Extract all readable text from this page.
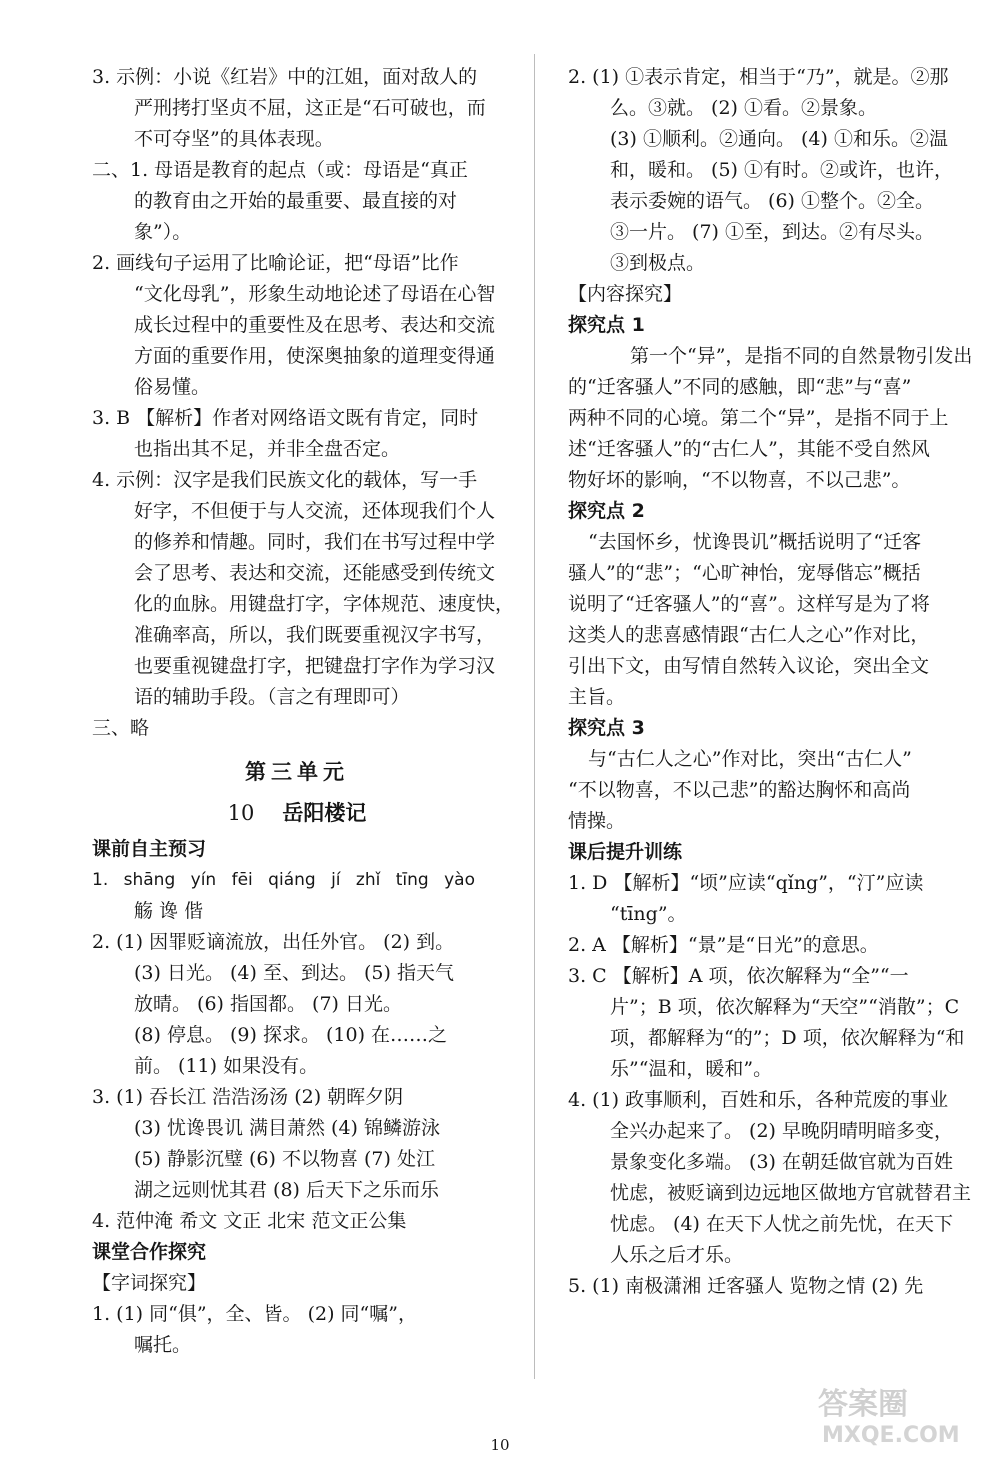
3. 示例：小说《红岩》中的江姐，面对敌人的
严刑拷打坚贞不屈，这正是“石可破也，而
不可夺坚”的具体表现。
二、1. 母语是教育的起点（或：母语是“真正
的教育由之开始的最重要、最直接的对
象”）。
2. 画线句子运用了比喻论证，把“母语”比作
“文化母乳”，形象生动地论述了母语在心智
成长过程中的重要性及在思考、表达和交流
方面的重要作用，使深奥抽象的道理变得通
俗易懂。
3. B 【解析】作者对网络语文既有肯定，同时
也指出其不足，并非全盘否定。
4. 示例：汉字是我们民族文化的载体，写一手
好字，不但便于与人交流，还体现我们个人
的修养和情趣。同时，我们在书写过程中学
会了思考、表达和交流，还能感受到传统文
化的血脉。用键盘打字，字体规范、速度快，
准确率高，所以，我们既要重视汉字书写，
也要重视键盘打字，把键盘打字作为学习汉
语的辅助手段。（言之有理即可）
三、略
第三单元
10 岳阳楼记
课前自主预习
1. shāng yín fēi qiáng jí zhǐ tīng yào
觞 谗 偕
2. (1) 因罪贬谪流放，出任外官。 (2) 到。
(3) 日光。 (4) 至、到达。 (5) 指天气
放晴。 (6) 指国都。 (7) 日光。
(8) 停息。 (9) 探求。 (10) 在……之
前。 (11) 如果没有。
3. (1) 吞长江 浩浩汤汤 (2) 朝晖夕阴
(3) 忧谗畏讥 满目萧然 (4) 锦鳞游泳
(5) 静影沉璧 (6) 不以物喜 (7) 处江
湖之远则忧其君 (8) 后天下之乐而乐
4. 范仲淹 希文 文正 北宋 范文正公集
课堂合作探究
【字词探究】
1. (1) 同“俱”，全、皆。 (2) 同“嘱”，
嘱托。
2. (1) ①表示肯定，相当于“乃”，就是。②那
么。③就。 (2) ①看。②景象。
(3) ①顺利。②通向。 (4) ①和乐。②温
和，暖和。 (5) ①有时。②或许，也许，
表示委婉的语气。 (6) ①整个。②全。
③一片。 (7) ①至，到达。②有尽头。
③到极点。
【内容探究】
探究点 1
第一个“异”，是指不同的自然景物引发出
的“迁客骚人”不同的感触，即“悲”与“喜”
两种不同的心境。第二个“异”，是指不同于上
述“迁客骚人”的“古仁人”，其能不受自然风
物好坏的影响，“不以物喜，不以己悲”。
探究点 2
“去国怀乡，忧谗畏讥”概括说明了“迁客
骚人”的“悲”；“心旷神怡，宠辱偕忘”概括
说明了“迁客骚人”的“喜”。这样写是为了将
这类人的悲喜感情跟“古仁人之心”作对比，
引出下文，由写情自然转入议论，突出全文
主旨。
探究点 3
与“古仁人之心”作对比，突出“古仁人”
“不以物喜，不以己悲”的豁达胸怀和高尚
情操。
课后提升训练
1. D 【解析】“顷”应读“qǐng”，“汀”应读
“tīng”。
2. A 【解析】“景”是“日光”的意思。
3. C 【解析】A 项，依次解释为“全”“一
片”；B 项，依次解释为“天空”“消散”；C
项，都解释为“的”；D 项，依次解释为“和
乐”“温和，暖和”。
4. (1) 政事顺利，百姓和乐，各种荒废的事业
全兴办起来了。 (2) 早晚阴晴明暗多变，
景象变化多端。 (3) 在朝廷做官就为百姓
忧虑，被贬谪到边远地区做地方官就替君主
忧虑。 (4) 在天下人忧之前先忧，在天下
人乐之后才乐。
5. (1) 南极潇湘 迁客骚人 览物之情 (2) 先
10
答案圈
MXQE.COM
